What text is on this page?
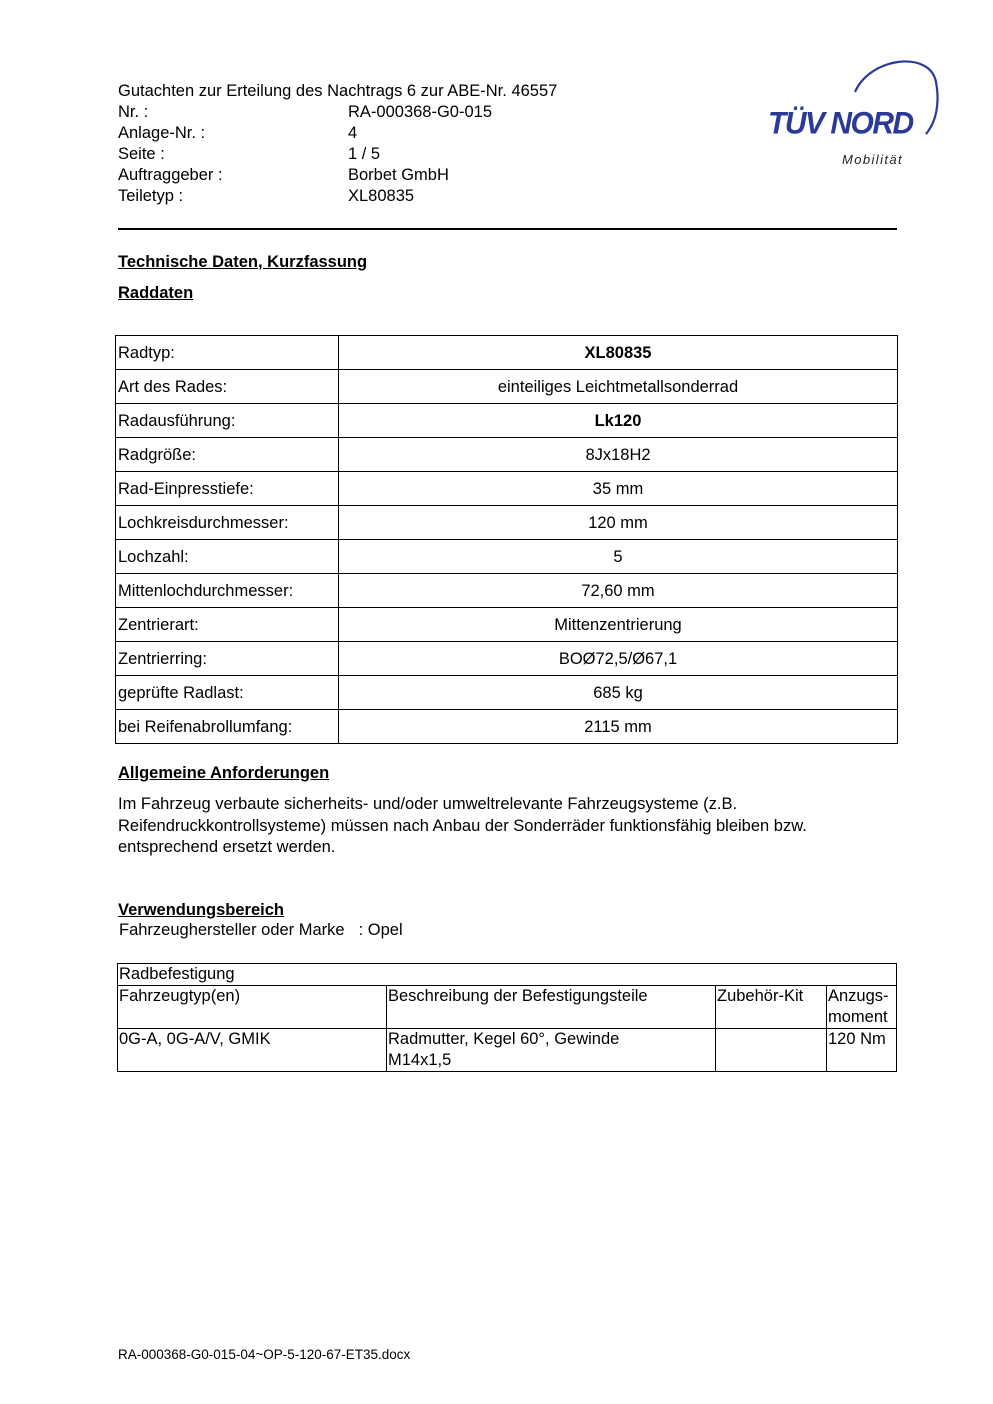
Gutachten zur Erteilung des Nachtrags 6 zur ABE-Nr. 46557
Nr. :	RA-000368-G0-015
Anlage-Nr. :	4
Seite :	1 / 5
Auftraggeber :	Borbet GmbH
Teiletyp :	XL80835
TÜV NORD
Mobilität
Technische Daten, Kurzfassung
Raddaten
Radtyp:	XL80835
Art des Rades:	einteiliges Leichtmetallsonderrad
Radausführung:	Lk120
Radgröße:	8Jx18H2
Rad-Einpresstiefe:	35 mm
Lochkreisdurchmesser:	120 mm
Lochzahl:	5
Mittenlochdurchmesser:	72,60 mm
Zentrierart:	Mittenzentrierung
Zentrierring:	BOØ72,5/Ø67,1
geprüfte Radlast:	685 kg
bei Reifenabrollumfang:	2115 mm
Allgemeine Anforderungen
Im Fahrzeug verbaute sicherheits- und/oder umweltrelevante Fahrzeugsysteme (z.B. Reifendruckkontrollsysteme) müssen nach Anbau der Sonderräder funktionsfähig bleiben bzw. entsprechend ersetzt werden.
Verwendungsbereich
Fahrzeughersteller oder Marke : Opel
Radbefestigung			
Fahrzeugtyp(en)	Beschreibung der Befestigungsteile	Zubehör-Kit	Anzugs-
moment

0G-A, 0G-A/V, GMIK	Radmutter, Kegel 60°, Gewinde
M14x1,5		120 Nm
RA-000368-G0-015-04~OP-5-120-67-ET35.docx
